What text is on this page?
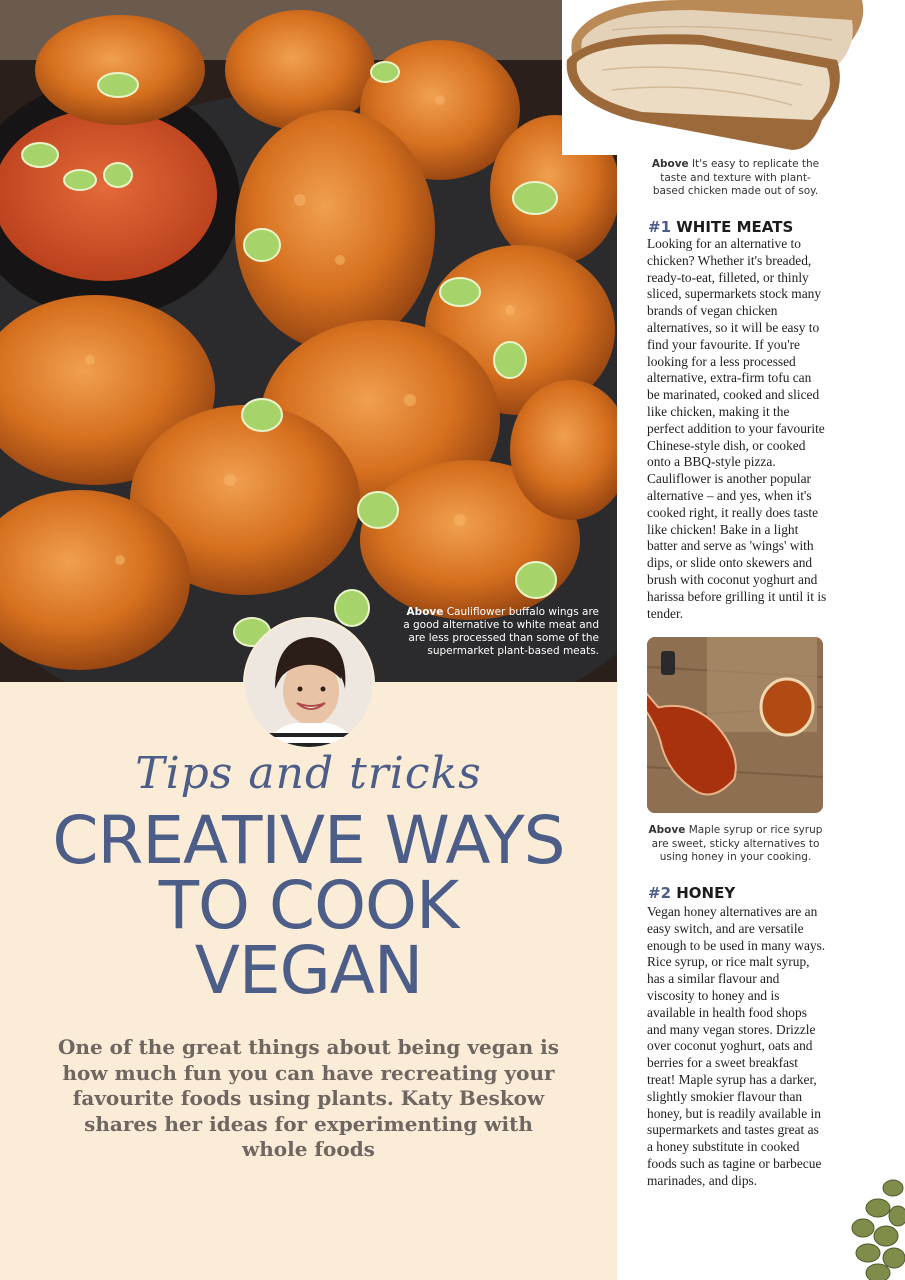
Above Cauliflower buffalo wings are a good alternative to white meat and are less processed than some of the supermarket plant-based meats.
Tips and tricks
CREATIVE WAYS
TO COOK
VEGAN
One of the great things about being vegan is how much fun you can have recreating your favourite foods using plants. Katy Beskow shares her ideas for experimenting with whole foods
Above It's easy to replicate the taste and texture with plant-based chicken made out of soy.
#1 WHITE MEATS
Looking for an alternative to chicken? Whether it's breaded, ready-to-eat, filleted, or thinly sliced, supermarkets stock many brands of vegan chicken alternatives, so it will be easy to find your favourite. If you're looking for a less processed alternative, extra-firm tofu can be marinated, cooked and sliced like chicken, making it the perfect addition to your favourite Chinese-style dish, or cooked onto a BBQ-style pizza. Cauliflower is another popular alternative – and yes, when it's cooked right, it really does taste like chicken! Bake in a light batter and serve as 'wings' with dips, or slide onto skewers and brush with coconut yoghurt and harissa before grilling it until it is tender.
Above Maple syrup or rice syrup are sweet, sticky alternatives to using honey in your cooking.
#2 HONEY
Vegan honey alternatives are an easy switch, and are versatile enough to be used in many ways. Rice syrup, or rice malt syrup, has a similar flavour and viscosity to honey and is available in health food shops and many vegan stores. Drizzle over coconut yoghurt, oats and berries for a sweet breakfast treat! Maple syrup has a darker, slightly smokier flavour than honey, but is readily available in supermarkets and tastes great as a honey substitute in cooked foods such as tagine or barbecue marinades, and dips.
